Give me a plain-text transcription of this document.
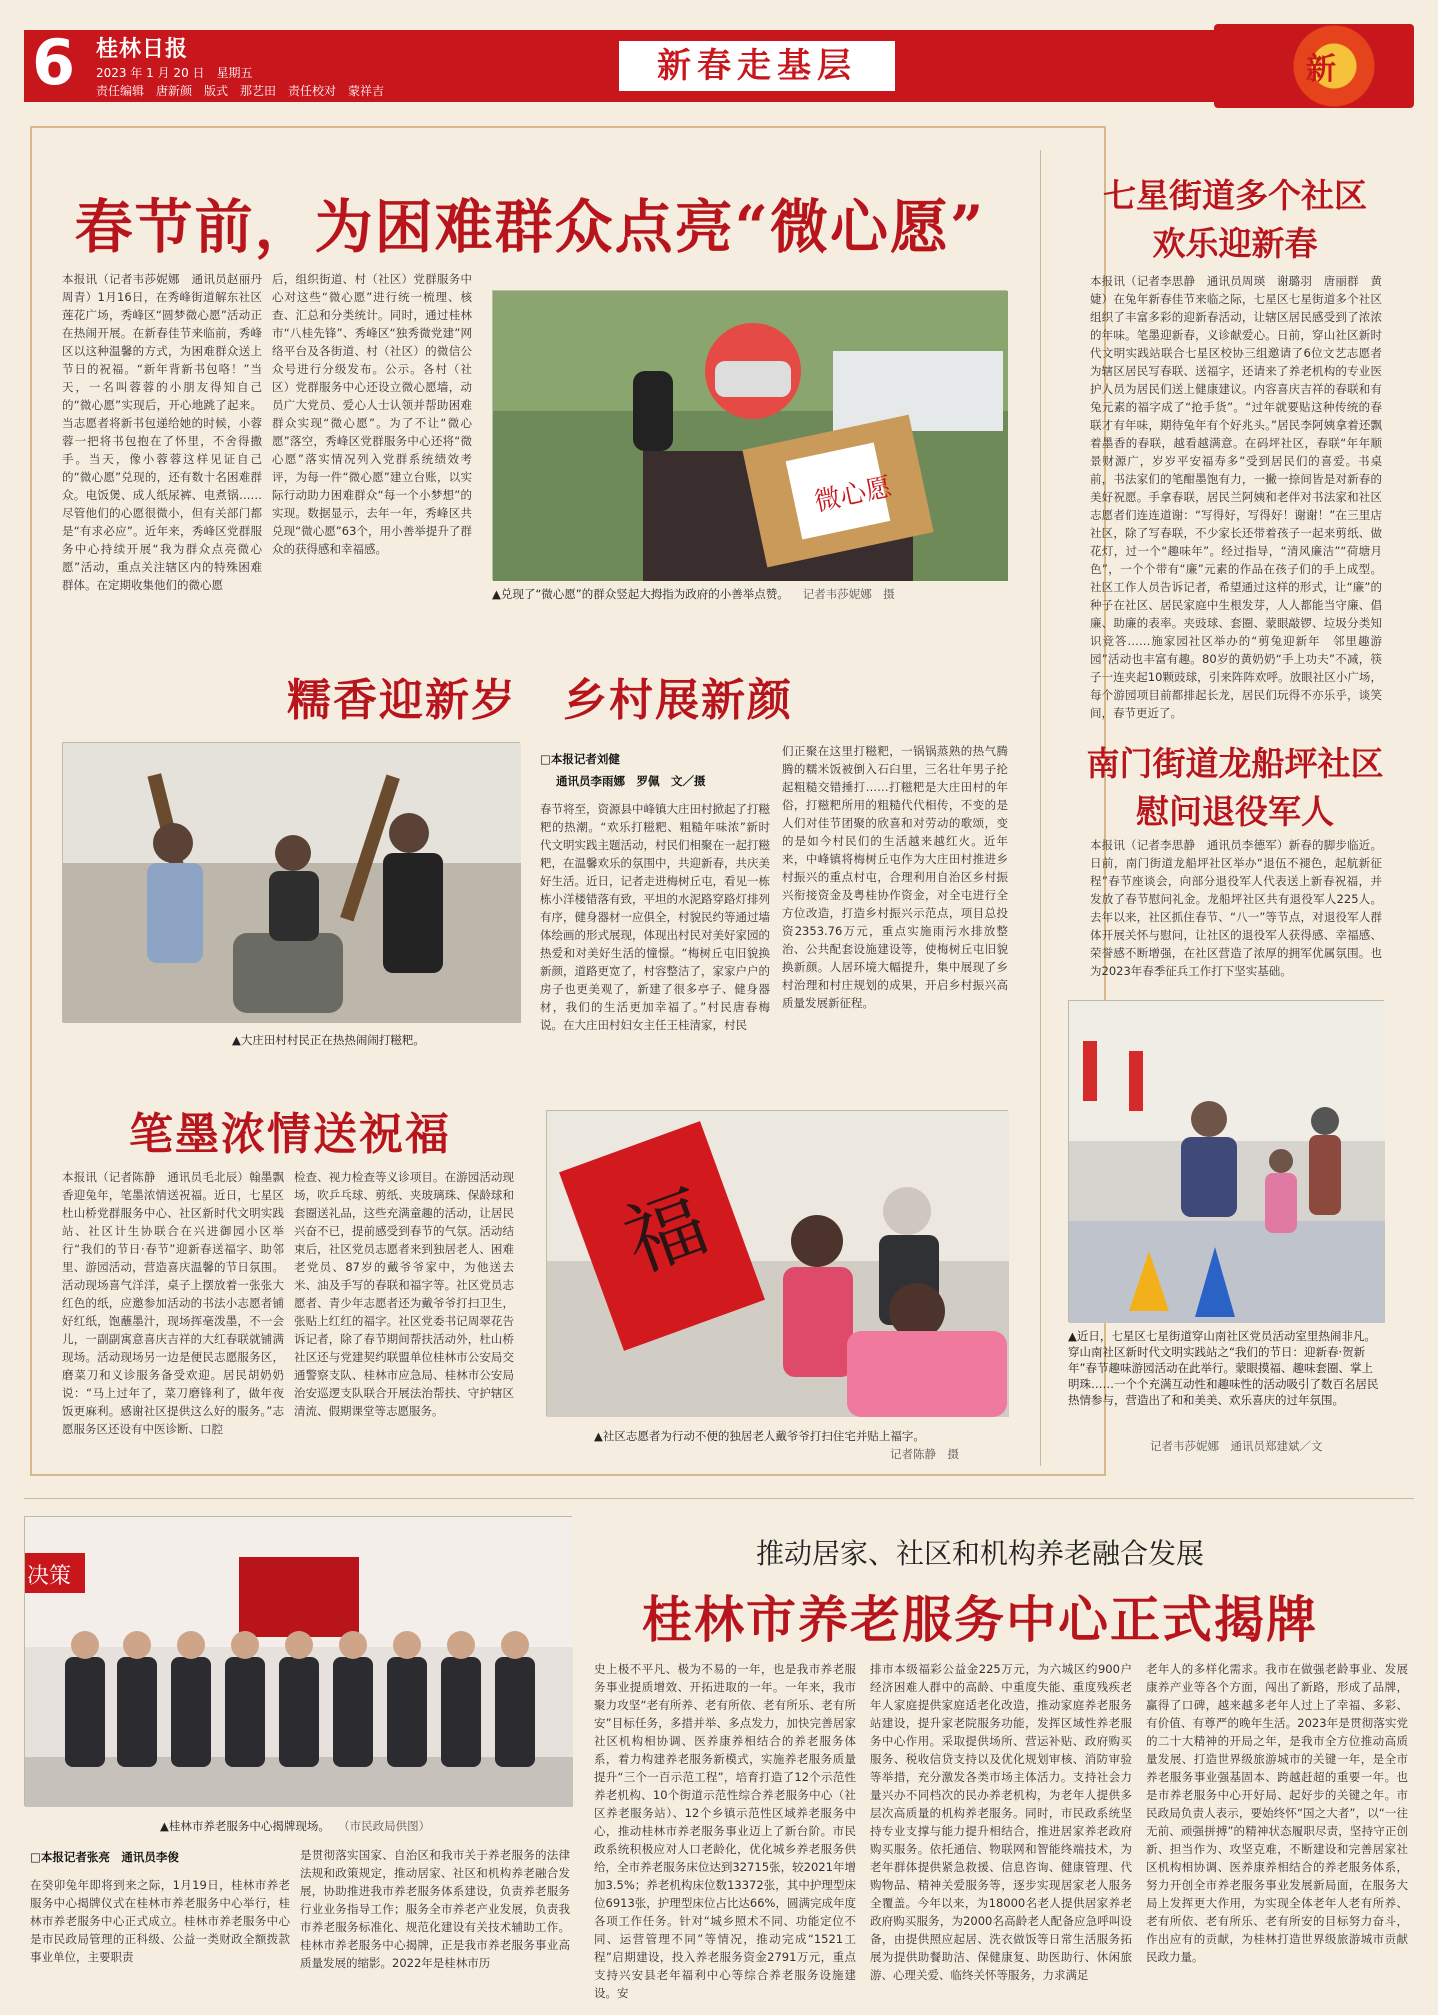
6 桂林日报
2023 年 1 月 20 日　星期五
责任编辑　唐新颜　版式　那艺田　责任校对　蒙祥吉
新春走基层	新
春节前，为困难群众点亮“微心愿”
本报讯（记者韦莎妮娜　通讯员赵丽丹　周青）1月16日，在秀峰街道解东社区莲花广场，秀峰区“圆梦微心愿”活动正在热闹开展。在新春佳节来临前，秀峰区以这种温馨的方式，为困难群众送上节日的祝福。“新年背新书包咯！”当天，一名叫蓉蓉的小朋友得知自己的“微心愿”实现后，开心地跳了起来。当志愿者将新书包递给她的时候，小蓉蓉一把将书包抱在了怀里，不舍得撒手。当天，像小蓉蓉这样见证自己的“微心愿”兑现的，还有数十名困难群众。电饭煲、成人纸尿裤、电煮锅……尽管他们的心愿很微小，但有关部门都是“有求必应”。近年来，秀峰区党群服务中心持续开展“我为群众点亮微心愿”活动，重点关注辖区内的特殊困难群体。在定期收集他们的微心愿
后，组织街道、村（社区）党群服务中心对这些“微心愿”进行统一梳理、核查、汇总和分类统计。同时，通过桂林市“八桂先锋”、秀峰区“独秀微党建”网络平台及各街道、村（社区）的微信公众号进行分级发布。公示。各村（社区）党群服务中心还设立微心愿墙，动员广大党员、爱心人士认领并帮助困难群众实现“微心愿”。为了不让“微心愿”落空，秀峰区党群服务中心还将“微心愿”落实情况列入党群系统绩效考评，为每一件“微心愿”建立台账，以实际行动助力困难群众“每一个小梦想”的实现。数据显示，去年一年，秀峰区共兑现“微心愿”63个，用小善举提升了群众的获得感和幸福感。
微心愿
▲兑现了“微心愿”的群众竖起大拇指为政府的小善举点赞。 记者韦莎妮娜　摄
七星街道多个社区
欢乐迎新春
本报讯（记者李思静　通讯员周瑛　谢璐羽　唐丽群　黄婕）在兔年新春佳节来临之际，七星区七星街道多个社区组织了丰富多彩的迎新春活动，让辖区居民感受到了浓浓的年味。笔墨迎新春，义诊献爱心。日前，穿山社区新时代文明实践站联合七星区校协三组邀请了6位文艺志愿者为辖区居民写春联、送福字，还请来了养老机构的专业医护人员为居民们送上健康建议。内容喜庆吉祥的春联和有兔元素的福字成了“抢手货”。“过年就要贴这种传统的春联才有年味，期待兔年有个好兆头。”居民李阿姨拿着还飘着墨香的春联，越看越满意。在码坪社区，春联“年年顺景财源广，岁岁平安福寿多”受到居民们的喜爱。书桌前，书法家们的笔酣墨饱有力，一撇一捺间皆是对新春的美好祝愿。手拿春联，居民兰阿姨和老伴对书法家和社区志愿者们连连道谢：“写得好，写得好！谢谢！”在三里店社区，除了写春联，不少家长还带着孩子一起来剪纸、做花灯，过一个“趣味年”。经过指导，“清风廉洁”“荷塘月色”，一个个带有“廉”元素的作品在孩子们的手上成型。社区工作人员告诉记者，希望通过这样的形式，让“廉”的种子在社区、居民家庭中生根发芽，人人都能当守廉、倡廉、助廉的表率。夹豉球、套圈、蒙眼敲锣、垃圾分类知识竞答……施家园社区举办的“剪兔迎新年　邻里趣游园”活动也丰富有趣。80岁的黄奶奶“手上功夫”不减，筷子一连夹起10颗豉球，引来阵阵欢呼。放眼社区小广场，每个游园项目前都排起长龙，居民们玩得不亦乐乎，谈笑间，春节更近了。
南门街道龙船坪社区
慰问退役军人
本报讯（记者李思静　通讯员李德军）新春的脚步临近。日前，南门街道龙船坪社区举办“退伍不褪色，起航新征程”春节座谈会，向部分退役军人代表送上新春祝福，并发放了春节慰问礼金。龙船坪社区共有退役军人225人。去年以来，社区抓住春节、“八一”等节点，对退役军人群体开展关怀与慰问，让社区的退役军人获得感、幸福感、荣誉感不断增强，在社区营造了浓厚的拥军优属氛围。也为2023年春季征兵工作打下坚实基础。
▲近日，七星区七星街道穿山南社区党员活动室里热闹非凡。穿山南社区新时代文明实践站之“我们的节日：迎新春·贺新年”春节趣味游园活动在此举行。蒙眼摸福、趣味套圈、掌上明珠……一个个充满互动性和趣味性的活动吸引了数百名居民热情参与，营造出了和和美美、欢乐喜庆的过年氛围。
记者韦莎妮娜　通讯员郑建斌／文
糯香迎新岁　乡村展新颜
▲大庄田村村民正在热热闹闹打糍粑。
□本报记者刘健
通讯员李雨娜　罗佩　文／摄
春节将至，资源县中峰镇大庄田村掀起了打糍粑的热潮。“欢乐打糍粑、粗糙年味浓”新时代文明实践主题活动，村民们相聚在一起打糍粑，在温馨欢乐的氛围中，共迎新春，共庆美好生活。近日，记者走进梅树丘屯，看见一栋栋小洋楼错落有致，平坦的水泥路穿路灯排列有序，健身器材一应俱全，村貌民约等通过墙体绘画的形式展现，体现出村民对美好家园的热爱和对美好生活的憧憬。“梅树丘屯旧貌换新颜，道路更宽了，村容整洁了，家家户户的房子也更美观了，新建了很多亭子、健身器材，我们的生活更加幸福了。”村民唐春梅说。在大庄田村妇女主任王桂清家，村民
们正聚在这里打糍粑，一锅锅蒸熟的热气腾腾的糯米饭被倒入石臼里，三名壮年男子抡起粗糙交错捶打……打糍粑是大庄田村的年俗，打糍粑所用的粗糙代代相传，不变的是人们对佳节团聚的欣喜和对劳动的歌颂，变的是如今村民们的生活越来越红火。近年来，中峰镇将梅树丘屯作为大庄田村推进乡村振兴的重点村屯，合理利用自治区乡村振兴衔接资金及粤桂协作资金，对全屯进行全方位改造，打造乡村振兴示范点，项目总投资2353.76万元，重点实施雨污水排放整治、公共配套设施建设等，使梅树丘屯旧貌换新颜。人居环境大幅提升，集中展现了乡村治理和村庄规划的成果，开启乡村振兴高质量发展新征程。
笔墨浓情送祝福
本报讯（记者陈静　通讯员毛北辰）翰墨飘香迎兔年，笔墨浓情送祝福。近日，七星区杜山桥党群服务中心、社区新时代文明实践站、社区计生协联合在兴进御园小区举行“我们的节日·春节”迎新春送福字、助邻里、游园活动，营造喜庆温馨的节日氛围。活动现场喜气洋洋，桌子上摆放着一张张大红色的纸，应邀参加活动的书法小志愿者铺好红纸，饱蘸墨汁，现场挥毫泼墨，不一会儿，一副副寓意喜庆吉祥的大红春联就铺满现场。活动现场另一边是便民志愿服务区，磨菜刀和义诊服务备受欢迎。居民胡奶奶说：“马上过年了，菜刀磨锋利了，做年夜饭更麻利。感谢社区提供这么好的服务。”志愿服务区还设有中医诊断、口腔
检查、视力检查等义诊项目。在游园活动现场，吹乒乓球、剪纸、夹玻璃珠、保龄球和套圈送礼品，这些充满童趣的活动，让居民兴奋不已，提前感受到春节的气氛。活动结束后，社区党员志愿者来到独居老人、困难老党员、87岁的戴爷爷家中，为他送去米、油及手写的春联和福字等。社区党员志愿者、青少年志愿者还为戴爷爷打扫卫生，张贴上红红的福字。社区党委书记周翠花告诉记者，除了春节期间帮扶活动外，杜山桥社区还与党建契约联盟单位桂林市公安局交通警察支队、桂林市应急局、桂林市公安局治安巡逻支队联合开展法治帮扶、守护辖区清流、假期课堂等志愿服务。
福
▲社区志愿者为行动不便的独居老人戴爷爷打扫住宅并贴上福字。
记者陈静　摄
决策
▲桂林市养老服务中心揭牌现场。 （市民政局供图）
推动居家、社区和机构养老融合发展
桂林市养老服务中心正式揭牌
□本报记者张亮　通讯员李俊
在癸卯兔年即将到来之际，1月19日，桂林市养老服务中心揭牌仪式在桂林市养老服务中心举行，桂林市养老服务中心正式成立。桂林市养老服务中心是市民政局管理的正科级、公益一类财政全额拨款事业单位，主要职责
是贯彻落实国家、自治区和我市关于养老服务的法律法规和政策规定，推动居家、社区和机构养老融合发展，协助推进我市养老服务体系建设，负责养老服务行业业务指导工作；服务全市养老产业发展，负责我市养老服务标准化、规范化建设有关技术辅助工作。桂林市养老服务中心揭牌，正是我市养老服务事业高质量发展的缩影。2022年是桂林市历
史上极不平凡、极为不易的一年，也是我市养老服务事业提质增效、开拓进取的一年。一年来，我市聚力攻坚“老有所养、老有所依、老有所乐、老有所安”目标任务，多措并举、多点发力，加快完善居家社区机构相协调、医养康养相结合的养老服务体系，着力构建养老服务新模式，实施养老服务质量提升“三个一百示范工程”，培育打造了12个示范性养老机构、10个街道示范性综合养老服务中心（社区养老服务站）、12个乡镇示范性区域养老服务中心，推动桂林市养老服务事业迈上了新台阶。市民政系统积极应对人口老龄化，优化城乡养老服务供给，全市养老服务床位达到32715张，较2021年增加3.5%；养老机构床位数13372张，其中护理型床位6913张，护理型床位占比达66%，圆满完成年度各项工作任务。针对“城乡照术不同、功能定位不同、运营管理不同”等情况，推动完成“1521工程”启期建设，投入养老服务资金2791万元，重点支持兴安县老年福利中心等综合养老服务设施建设。安
排市本级福彩公益金225万元，为六城区约900户经济困难人群中的高龄、中重度失能、重度残疾老年人家庭提供家庭适老化改造，推动家庭养老服务站建设，提升家老院服务功能，发挥区域性养老服务中心作用。采取提供场所、营运补贴、政府购买服务、税收信贷支持以及优化规划审核、消防审验等举措，充分激发各类市场主体活力。支持社会力量兴办不同档次的民办养老机构，为老年人提供多层次高质量的机构养老服务。同时，市民政系统坚持专业支撑与能力提升相结合，推进居家养老政府购买服务。依托通信、物联网和智能终端技术，为老年群体提供紧急救援、信息咨询、健康管理、代购物品、精神关爱服务等，逐步实现居家老人服务全覆盖。今年以来，为18000名老人提供居家养老政府购买服务，为2000名高龄老人配备应急呼叫设备，由提供照应起居、洗衣做饭等日常生活服务拓展为提供助餐助洁、保健康复、助医助行、休闲旅游、心理关爱、临终关怀等服务，力求满足
老年人的多样化需求。我市在做强老龄事业、发展康养产业等各个方面，闯出了新路，形成了品牌，赢得了口碑，越来越多老年人过上了幸福、多彩、有价值、有尊严的晚年生活。2023年是贯彻落实党的二十大精神的开局之年，是我市全方位推动高质量发展、打造世界级旅游城市的关键一年，是全市养老服务事业强基固本、跨越赶超的重要一年。也是市养老服务中心开好局、起好步的关键之年。市民政局负责人表示，要始终怀“国之大者”，以“一往无前、顽强拼搏”的精神状态履职尽责，坚持守正创新、担当作为、攻坚克难，不断建设和完善居家社区机构相协调、医养康养相结合的养老服务体系，努力开创全市养老服务事业发展新局面，在服务大局上发挥更大作用，为实现全体老年人老有所养、老有所依、老有所乐、老有所安的目标努力奋斗，作出应有的贡献，为桂林打造世界级旅游城市贡献民政力量。
